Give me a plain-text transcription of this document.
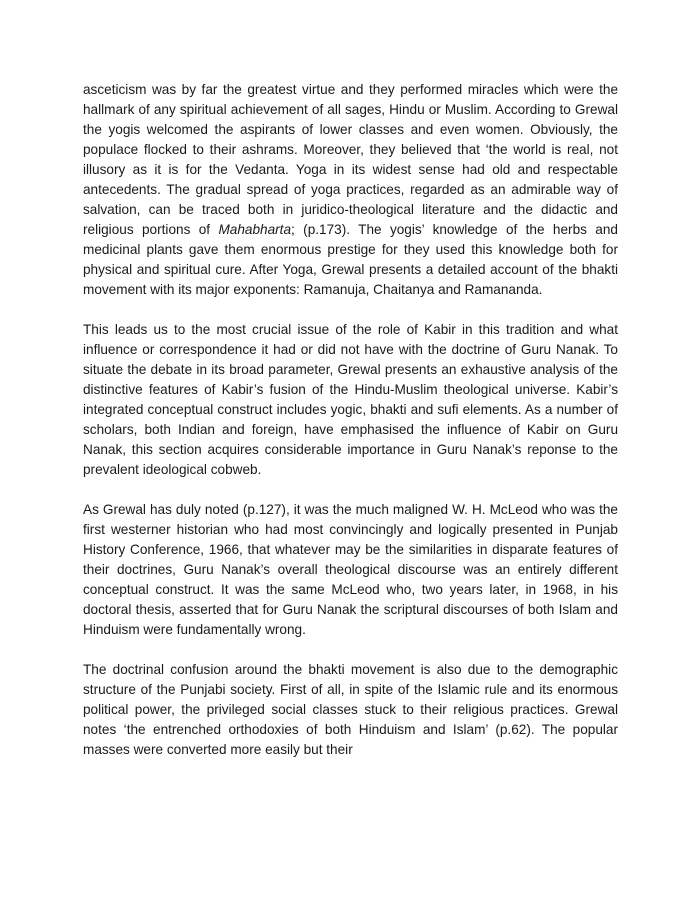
asceticism was by far the greatest virtue and they performed miracles which were the hallmark of any spiritual achievement of all sages, Hindu or Muslim. According to Grewal the yogis welcomed the aspirants of lower classes and even women. Obviously, the populace flocked to their ashrams. Moreover, they believed that ‘the world is real, not illusory as it is for the Vedanta. Yoga in its widest sense had old and respectable antecedents. The gradual spread of yoga practices, regarded as an admirable way of salvation, can be traced both in juridico-theological literature and the didactic and religious portions of Mahabharta; (p.173). The yogis’ knowledge of the herbs and medicinal plants gave them enormous prestige for they used this knowledge both for physical and spiritual cure. After Yoga, Grewal presents a detailed account of the bhakti movement with its major exponents: Ramanuja, Chaitanya and Ramananda.

This leads us to the most crucial issue of the role of Kabir in this tradition and what influence or correspondence it had or did not have with the doctrine of Guru Nanak. To situate the debate in its broad parameter, Grewal presents an exhaustive analysis of the distinctive features of Kabir’s fusion of the Hindu-Muslim theological universe. Kabir’s integrated conceptual construct includes yogic, bhakti and sufi elements. As a number of scholars, both Indian and foreign, have emphasised the influence of Kabir on Guru Nanak, this section acquires considerable importance in Guru Nanak’s reponse to the prevalent ideological cobweb.

As Grewal has duly noted (p.127), it was the much maligned W. H. McLeod who was the first westerner historian who had most convincingly and logically presented in Punjab History Conference, 1966, that whatever may be the similarities in disparate features of their doctrines, Guru Nanak’s overall theological discourse was an entirely different conceptual construct. It was the same McLeod who, two years later, in 1968, in his doctoral thesis, asserted that for Guru Nanak the scriptural discourses of both Islam and Hinduism were fundamentally wrong.

The doctrinal confusion around the bhakti movement is also due to the demographic structure of the Punjabi society. First of all, in spite of the Islamic rule and its enormous political power, the privileged social classes stuck to their religious practices. Grewal notes ‘the entrenched orthodoxies of both Hinduism and Islam’ (p.62). The popular masses were converted more easily but their
